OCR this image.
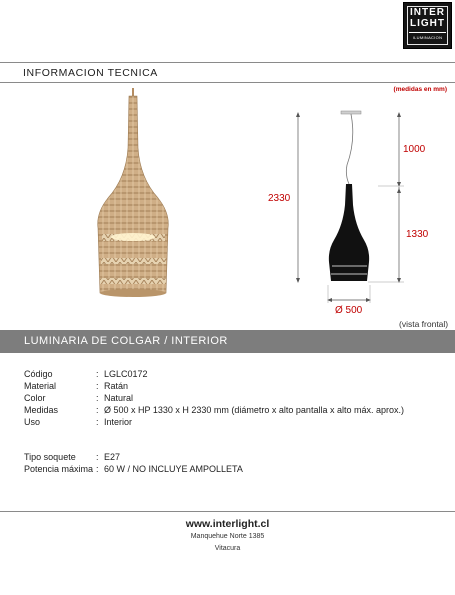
INTER
LIGHT
ILUMINACION
INFORMACION TECNICA
(medidas en mm)
2330
1000
1330
Ø 500
(vista frontal)
LUMINARIA DE COLGAR / INTERIOR
Código	: LGLC0172
Material	: Ratán
Color	: Natural
Medidas	: Ø 500 x HP 1330 x H 2330 mm (diámetro x alto pantalla x alto máx. aprox.)
Uso	: Interior
Tipo soquete	: E27
Potencia máxima : 60 W / NO INCLUYE AMPOLLETA
www.interlight.cl
Manquehue Norte 1385
Vitacura
